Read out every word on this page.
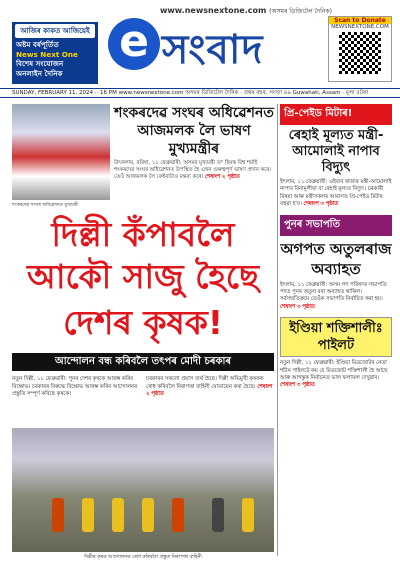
www.newsnextone.com (অসমৰ ডিজিটেল দৈনিক)
আজিৰ কাকত আজিয়েই
অষ্টম বৰ্ষপূৰ্তিত
News Next One
বিশেষ সংযোজন
অনলাইন দৈনিক
e সংবাদ
Scan to Donate
NEWSNEXTONE.COM
SUNDAY, FEBRUARY 11, 2024 ·· 16 PM www.newsnextone.com অসমৰ ডিজিটেল দৈনিক · প্ৰথম বছৰ, সংখ্যা ৪৯ Guwahati, Assam · মূল্য ৫টকা
শংকৰদেৱ সংঘৰ অধিৱেশনত মুখ্যমন্ত্ৰী
শংকৰদেৱ সংঘৰ অধিৱেশনত আজমলক লৈ ভাষণ মুখ্যমন্ত্ৰীৰ
উৎকলাম, বৰিষা, ১১ ফেব্ৰুৱাৰী: অসমৰ মুখ্যমন্ত্ৰী ড° হিমন্ত বিশ্ব শৰ্মাই শংকৰদেৱ সংঘৰ অধিৱেশনত উপস্থিত হৈ এখন গুৰুত্বপূৰ্ণ ভাষণ প্ৰদান কৰে। তেওঁ আজমলক লৈ কেইবাটাও মন্তব্য কৰে। শেষাংশ ২ পৃষ্ঠাত
দিল্লী কঁপাবলৈ
আকৌ সাজু হৈছে
দেশৰ কৃষক!
আন্দোলন বন্ধ কৰিবলৈ তৎপৰ মোদী চৰকাৰ
নতুন দিল্লী, ১১ ফেব্ৰুৱাৰী: পুনৰ দেশৰ কৃষকে আৰম্ভ কৰিব বিক্ষোভ। চৰকাৰৰ বিৰুদ্ধে বিক্ষোভ আৰম্ভ কৰিব আন্দোলনৰ প্ৰস্তুতি সম্পূৰ্ণ কৰিছে কৃষকে।
চৰকাৰৰ সকলো প্ৰয়াস ব্যৰ্থ হৈছে। দিল্লী অভিমুখী কৃষকক ৰোধ কৰিবলৈ নিৰাপত্তা বাহিনী মোতায়েন কৰা হৈছে। শেষাংশ ২ পৃষ্ঠাত
দিল্লীৰ কৃষক আন্দোলনক ৰোধ কৰিবলৈ প্ৰস্তুত নিৰাপত্তা বাহিনী
প্ৰি-পেইড মিটাৰ!
ৰেহাই মূল্যত মন্ত্ৰী-আমোলাই নাপাব বিদ্যুৎ
ইৎলাম, ১১ ফেব্ৰুৱাৰী: এইবাৰ ৰাজ্যৰ মন্ত্ৰী-আমোলাই নাপাব বিনামূলীয়া বা ৰেহাই মূল্যত বিদ্যুৎ। চৰকাৰী বিষয়া আৰু মন্ত্ৰীসকলৰ আবাসত প্ৰি-পেইড মিটাৰ বহুৱা হ'ব। শেষাংশ ৩ পৃষ্ঠাত
পুনৰ সভাপতি
অগপত অতুলৰাজ অব্যাহত
ইৎলাম, ১১ ফেব্ৰুৱাৰী: অসম গণ পৰিষদৰ সভাপতি পদত পুনৰ অতুল বৰা অব্যাহত থাকিল। সৰ্বসন্মতিক্ৰমে তেওঁক সভাপতি নিৰ্বাচিত কৰা হয়। শেষাংশ ৩ পৃষ্ঠাত
ইণ্ডিয়া শক্তিশালীঃ পাইলট
নতুন দিল্লী, ১১ ফেব্ৰুৱাৰী: ইণ্ডিয়া মিত্ৰজোটৰ নেতা শচীন পাইলটে কয় যে মিত্ৰজোট শক্তিশালী হৈ আছে আৰু আগন্তুক নিৰ্বাচনত ভাল ফলাফল দেখুৱাব। শেষাংশ ৩ পৃষ্ঠাত
